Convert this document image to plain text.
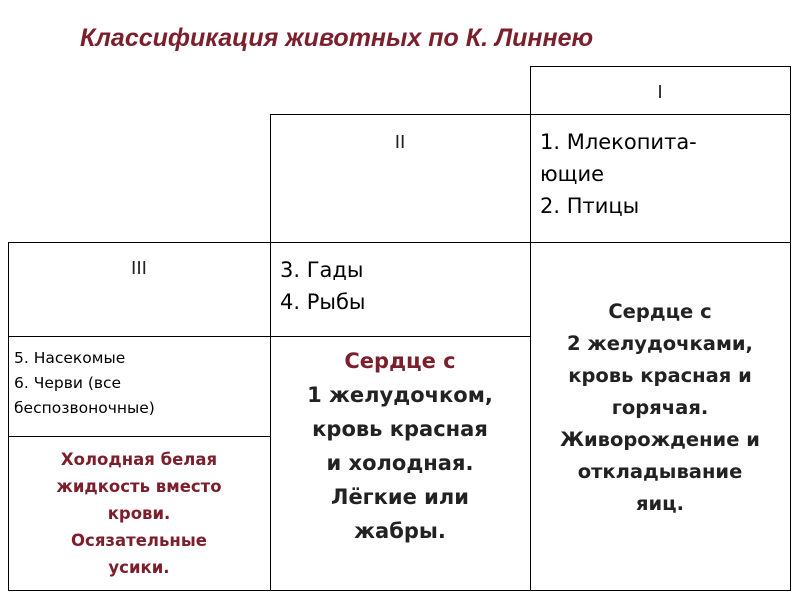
Классификация животных по К. Линнею
I
II
III
1. Млекопита-
ющие
2. Птицы
3. Гады
4. Рыбы
5. Насекомые
6. Черви (все
беспозвоночные)
Сердце с
2 желудочками,
кровь красная и
горячая.
Живорождение и
откладывание
яиц.
Сердце с
1 желудочком,
кровь красная
и холодная.
Лёгкие или
жабры.
Холодная белая
жидкость вместо
крови.
Осязательные
усики.
